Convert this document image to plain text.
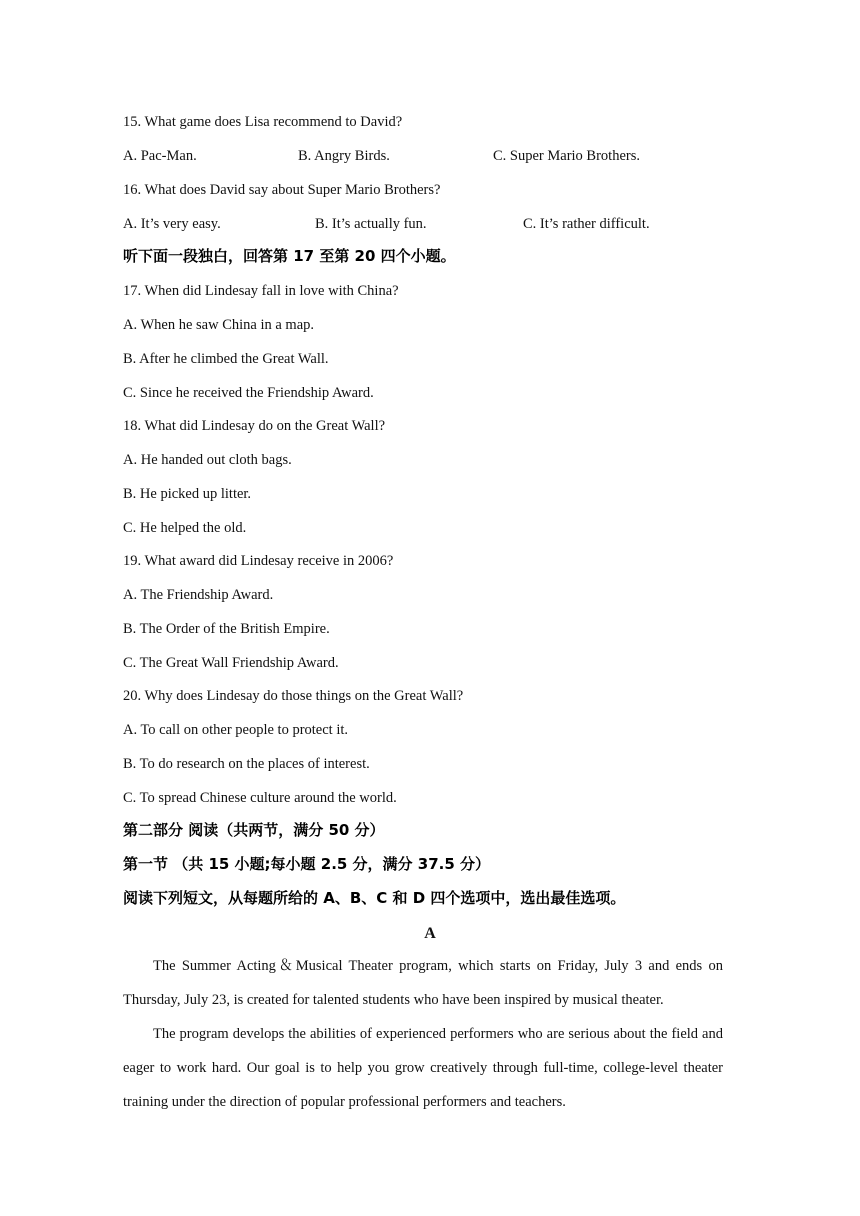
15. What game does Lisa recommend to David?
A. Pac-Man.	B. Angry Birds.	C. Super Mario Brothers.
16. What does David say about Super Mario Brothers?
A. It’s very easy.	B. It’s actually fun.	C. It’s rather difficult.
听下面一段独白，回答第 17 至第 20 四个小题。
17. When did Lindesay fall in love with China?
A. When he saw China in a map.
B. After he climbed the Great Wall.
C. Since he received the Friendship Award.
18. What did Lindesay do on the Great Wall?
A. He handed out cloth bags.
B. He picked up litter.
C. He helped the old.
19. What award did Lindesay receive in 2006?
A. The Friendship Award.
B. The Order of the British Empire.
C. The Great Wall Friendship Award.
20. Why does Lindesay do those things on the Great Wall?
A. To call on other people to protect it.
B. To do research on the places of interest.
C. To spread Chinese culture around the world.
第二部分 阅读（共两节，满分 50 分）
第一节 （共 15 小题;每小题 2.5 分，满分 37.5 分）
阅读下列短文，从每题所给的 A、B、C 和 D 四个选项中，选出最佳选项。
A
The Summer Acting＆Musical Theater program, which starts on Friday, July 3 and ends on Thursday, July 23, is created for talented students who have been inspired by musical theater.
The program develops the abilities of experienced performers who are serious about the field and eager to work hard. Our goal is to help you grow creatively through full-time, college-level theater training under the direction of popular professional performers and teachers.
